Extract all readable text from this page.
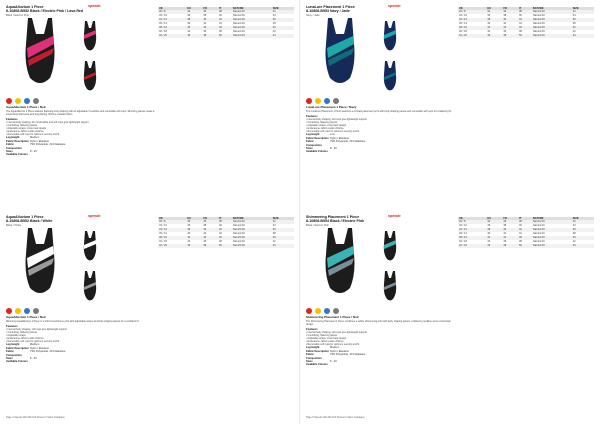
AquaAlluvium 1 Piece
8-10808-B952 Black / Electric Pink / Lava Red
Black / Electric Pink
speedo
UK	EU	FR	IT	NATURE	SIZE
30 / 8	34	36	38	Natural Fit	32
32 / 10	36	38	40	Natural Fit	34
34 / 12	38	40	42	Natural Fit	36
36 / 14	40	42	44	Natural Fit	38
38 / 16	42	44	46	Natural Fit	40
40 / 18	44	46	48	Natural Fit	42
42 / 20	46	48	50	Natural Fit	44
AquaAlluvium 1 Piece / Noir
The AquaAlluvium 1 Piece features flattering body shaping with an adjustable V-neckline and removable soft cups. Slimming panels create a streamlined silhouette with long-lasting chlorine resistant fabric.
Features
• Internal body shaping; the comfortable and soft cups give lightweight support
• Controlling, flattering panels
• Adjustable straps; cross back design
• Endurance+ fabric resists chlorine
• Removable soft cups for optimum security and fit
Leg Height	Medium
Fabric Description Nylon / Elastane
Fabric Composition
79% Polyamide, 21% Elastane
Sizes	8 - 20
Available Colours
AquaAlluvium 1 Piece
8-10808-B952 Black / White
Black / White
speedo
UK	EU	FR	IT	NATURE	SIZE
30 / 8	34	36	38	Natural Fit	32
32 / 10	36	38	40	Natural Fit	34
34 / 12	38	40	42	Natural Fit	36
36 / 14	40	42	44	Natural Fit	38
38 / 16	42	44	46	Natural Fit	40
40 / 18	44	46	48	Natural Fit	42
42 / 20	46	48	50	Natural Fit	44
AquaAlluvium 1 Piece / Noir
Slimming AquaAlluvium 1 Piece in a bold monochrome print with adjustable straps and body shaping panels for a confident fit.
Features
• Internal body shaping; soft cups give lightweight support
• Controlling, flattering panels
• Adjustable straps
• Endurance+ fabric resists chlorine
• Removable soft cups for optimum security and fit
Leg Height	Medium
Fabric Description Nylon / Elastane
Fabric Composition
79% Polyamide, 21% Elastane
Sizes	8 - 20
Available Colours
Page 4 Speedo AW 2013/14 Women’s Swim Catalogue
LunaLure Placement 1 Piece
8-10808-B953 Navy / Jade
Navy / Jade
speedo
UK	EU	FR	IT	NATURE	SIZE
30 / 8	34	36	38	Natural Fit	32
32 / 10	36	38	40	Natural Fit	34
34 / 12	38	40	42	Natural Fit	36
36 / 14	40	42	44	Natural Fit	38
38 / 16	42	44	46	Natural Fit	40
40 / 18	44	46	48	Natural Fit	42
42 / 20	46	48	50	Natural Fit	44
LunaLure Placement 1 Piece / Navy
The LunaLure Placement 1 Piece features a contrast placement print with body shaping panels and removable soft cups for a flattering fit.
Features
• Internal body shaping; soft cups give lightweight support
• Controlling, flattering panels
• Adjustable straps; cross back design
• Endurance+ fabric resists chlorine
• Removable soft cups for optimum security and fit
Leg Height	Low
Fabric Description Nylon / Elastane
Fabric Composition
79% Polyamide, 21% Elastane
Sizes	8 - 20
Available Colours
Shimmering Placement 1 Piece
8-10808-B954 Black / Electric Pink
Black / Electric Pink
speedo
UK	EU	FR	IT	NATURE	SIZE
30 / 8	34	36	38	Natural Fit	32
32 / 10	36	38	40	Natural Fit	34
34 / 12	38	40	42	Natural Fit	36
36 / 14	40	42	44	Natural Fit	38
38 / 16	42	44	46	Natural Fit	40
40 / 18	44	46	48	Natural Fit	42
42 / 20	46	48	50	Natural Fit	44
Shimmering Placement 1 Piece / Noir
The Shimmering Placement 1 Piece combines a subtle shimmering print with body shaping panels, a flattering neckline and a cross-back design.
Features
• Internal body shaping; soft cups give lightweight support
• Controlling, flattering panels
• Adjustable straps; cross back design
• Endurance+ fabric resists chlorine
• Removable soft cups for optimum security and fit
Leg Height	Medium
Fabric Description Nylon / Elastane
Fabric Composition
79% Polyamide, 21% Elastane
Sizes	8 - 20
Available Colours
Page 5 Speedo AW 2013/14 Women’s Swim Catalogue
